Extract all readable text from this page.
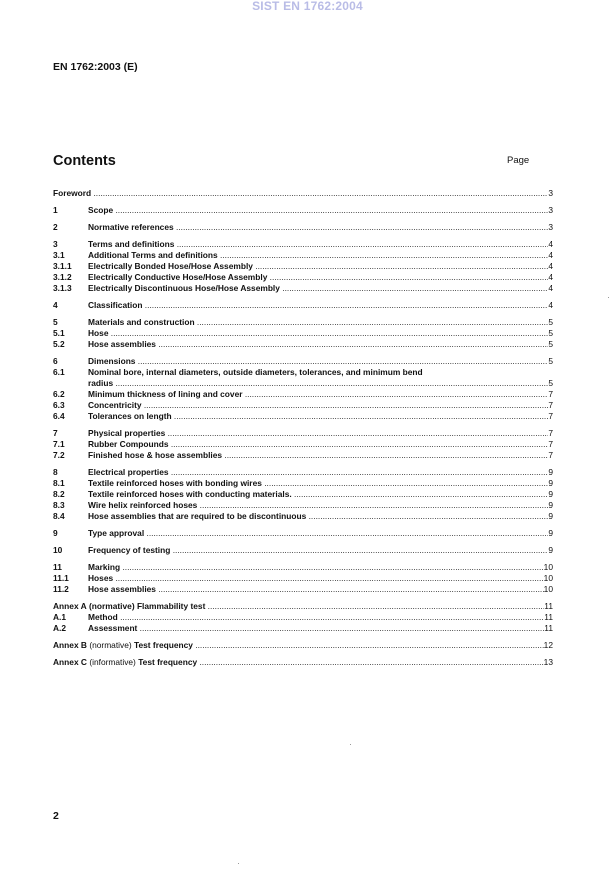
SIST EN 1762:2004
EN 1762:2003 (E)
Contents	Page
Foreword .....	3
1	Scope .....	3
2	Normative references .....	3
3	Terms and definitions .....	4
3.1	Additional Terms and definitions .....	4
3.1.1 Electrically Bonded Hose/Hose Assembly .....	4
3.1.2 Electrically Conductive Hose/Hose Assembly .....	4
3.1.3 Electrically Discontinuous Hose/Hose Assembly .....	4
4	Classification .....	4
5	Materials and construction .....	5
5.1	Hose .....	5
5.2	Hose assemblies .....	5
6	Dimensions .....	5
6.1	Nominal bore, internal diameters, outside diameters, tolerances, and minimum bend
radius .....	5
6.2	Minimum thickness of lining and cover .....	7
6.3	Concentricity .....	7
6.4	Tolerances on length .....	7
7	Physical properties .....	7
7.1	Rubber Compounds .....	7
7.2	Finished hose & hose assemblies .....	7
8	Electrical properties .....	9
8.1	Textile reinforced hoses with bonding wires .....	9
8.2	Textile reinforced hoses with conducting materials. .....	9
8.3	Wire helix reinforced hoses .....	9
8.4	Hose assemblies that are required to be discontinuous .....	9
9	Type approval .....	9
10	Frequency of testing .....	9
11	Marking .....	10
11.1 Hoses .....	10
11.2 Hose assemblies .....	10
Annex A (normative) Flammability test .....	11
A.1	Method .....	11
A.2	Assessment .....	11
Annex B (normative) Test frequency .....	12
Annex C (informative) Test frequency .....	13
2
